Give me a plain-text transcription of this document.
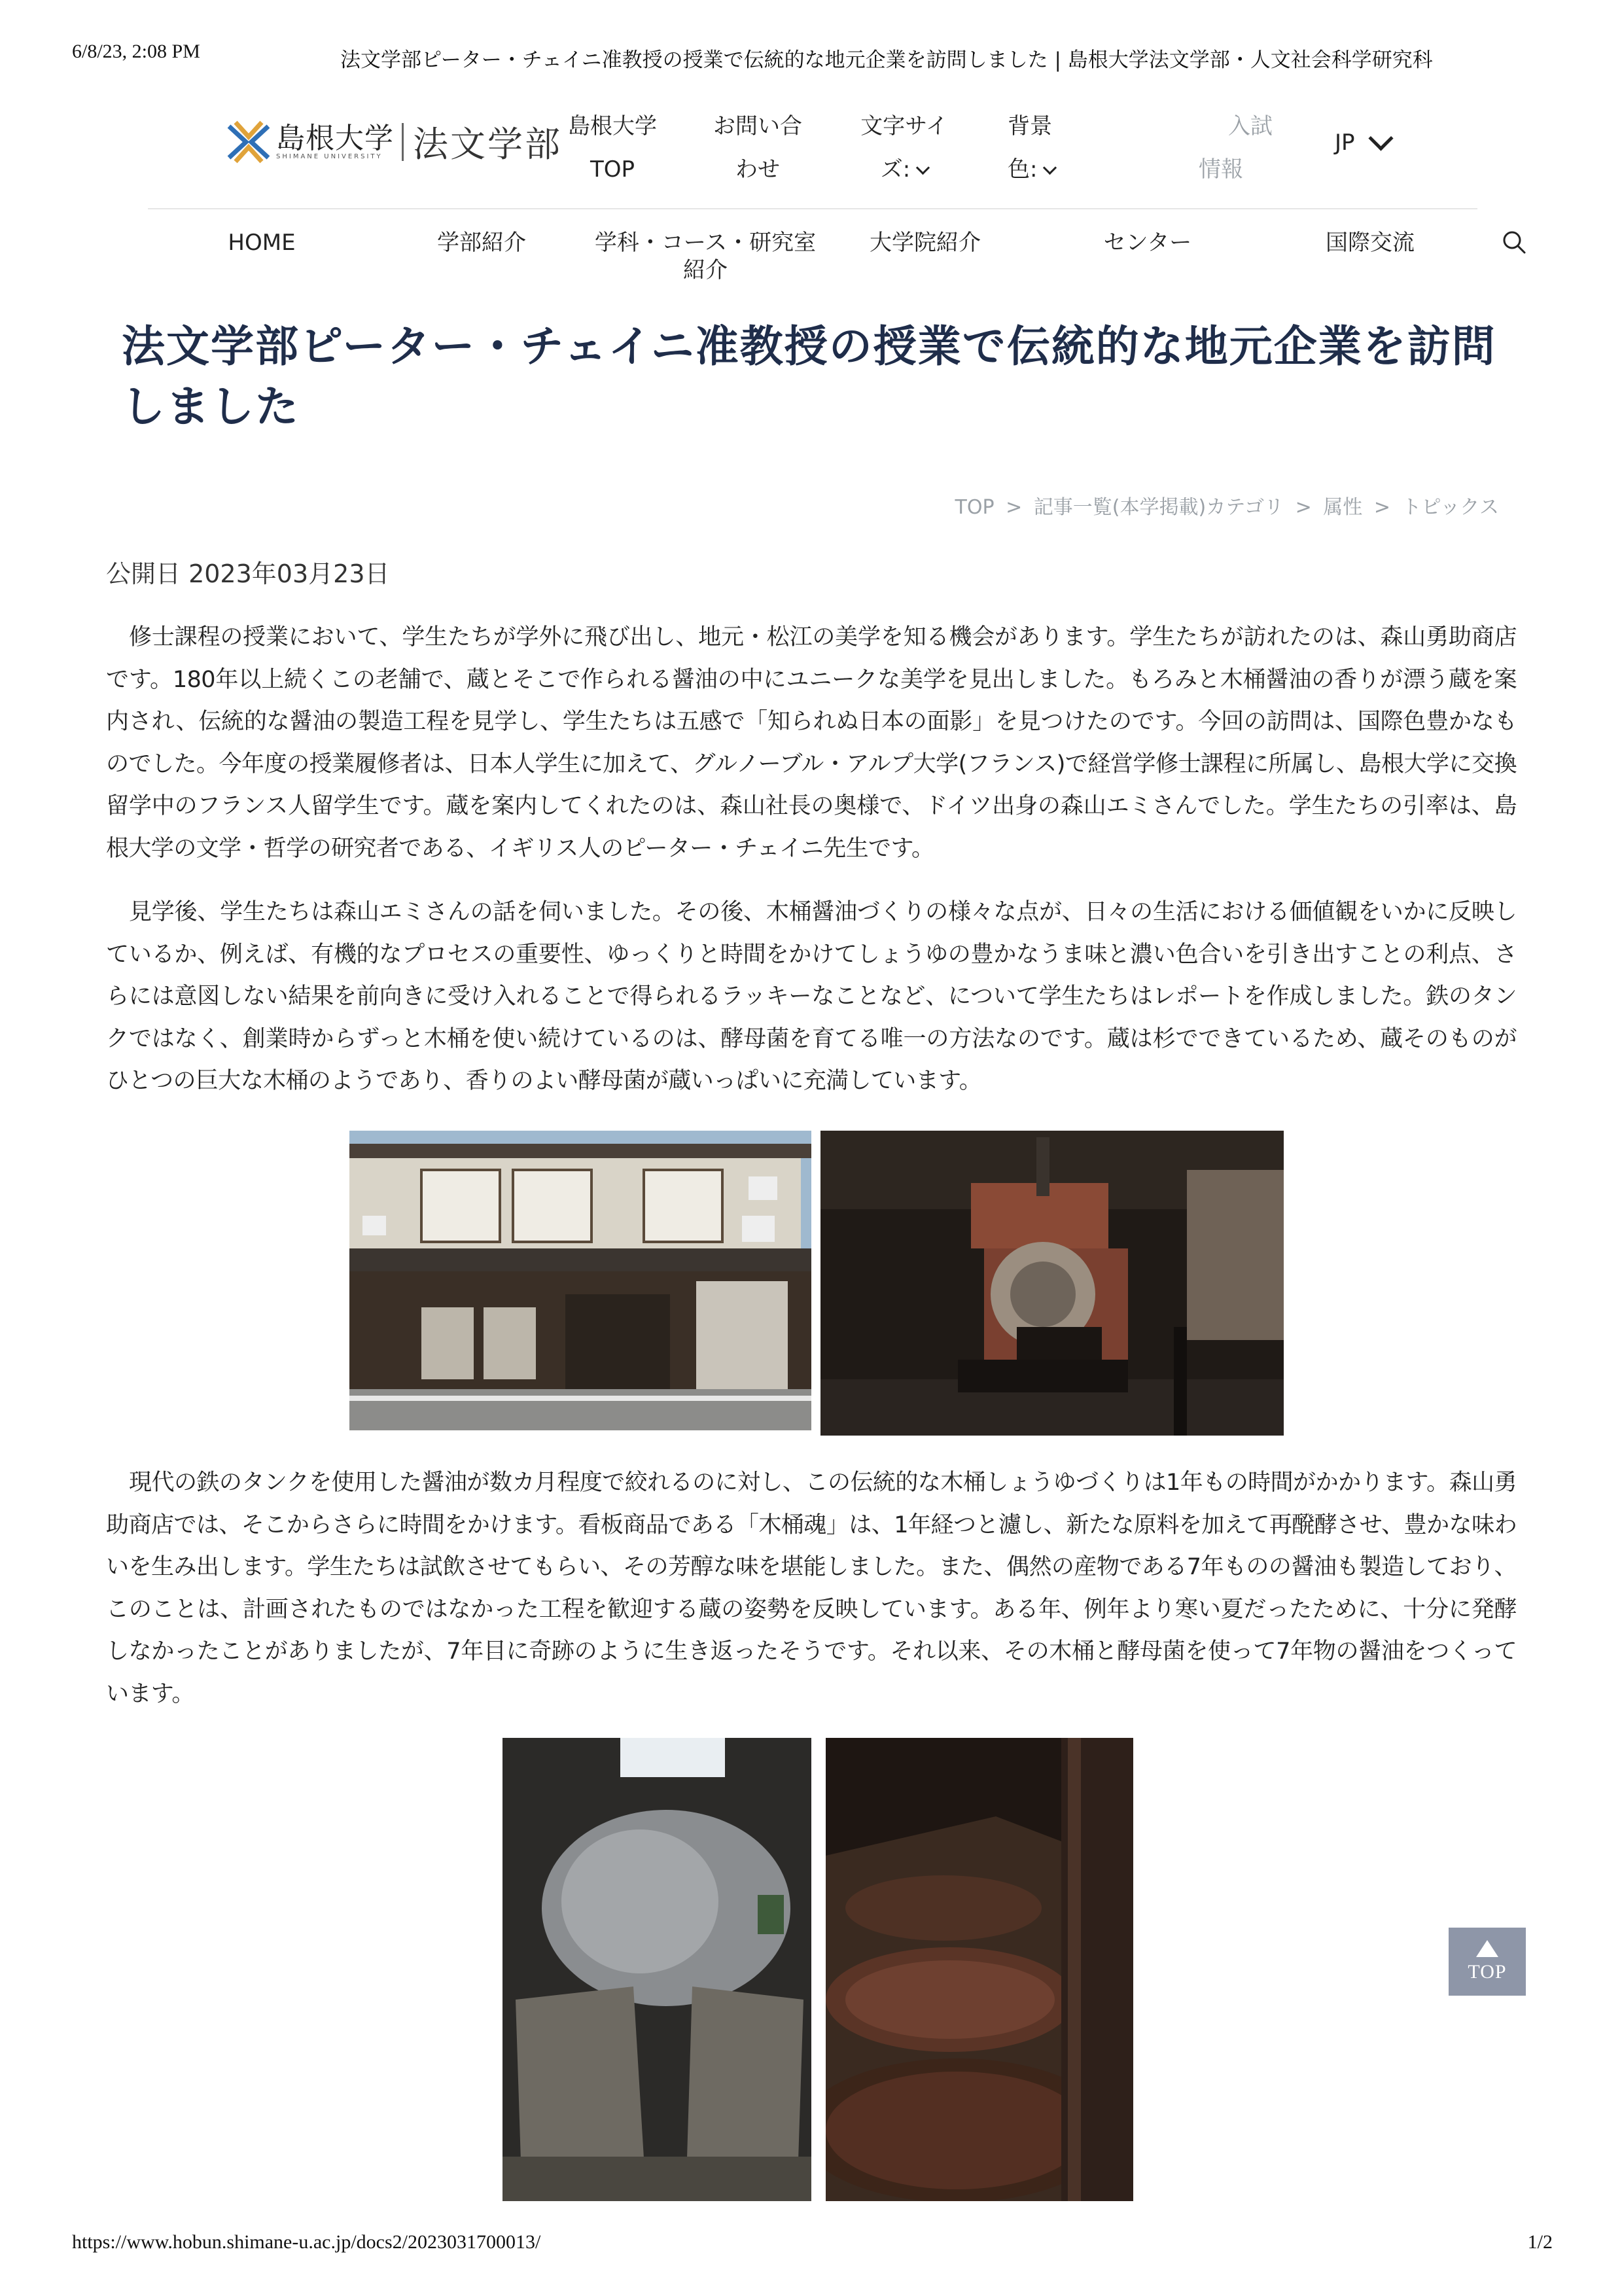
6/8/23, 2:08 PM	法文学部ピーター・チェイニ准教授の授業で伝統的な地元企業を訪問しました | 島根大学法文学部・人文社会科学研究科
https://www.hobun.shimane-u.ac.jp/docs2/2023031700013/	1/2
島根大学
SHIMANE UNIVERSITY 法文学部 島根大学
TOP
お問い合
わせ
文字サイ
ズ:
背景
色:
入試
情報
JP
HOME	学部紹介	学科・コース・研究室紹介
大学院紹介	センター	国際交流
法文学部ピーター・チェイニ准教授の授業で伝統的な地元企業を訪問しました
TOP > 記事一覧(本学掲載)カテゴリ > 属性 > トピックス
公開日 2023年03月23日

修士課程の授業において、学生たちが学外に飛び出し、地元・松江の美学を知る機会があります。学生たちが訪れたのは、森山勇助商店です。180年以上続くこの老舗で、蔵とそこで作られる醤油の中にユニークな美学を見出しました。もろみと木桶醤油の香りが漂う蔵を案内され、伝統的な醤油の製造工程を見学し、学生たちは五感で「知られぬ日本の面影」を見つけたのです。今回の訪問は、国際色豊かなものでした。今年度の授業履修者は、日本人学生に加えて、グルノーブル・アルプ大学(フランス)で経営学修士課程に所属し、島根大学に交換留学中のフランス人留学生です。蔵を案内してくれたのは、森山社長の奥様で、ドイツ出身の森山エミさんでした。学生たちの引率は、島根大学の文学・哲学の研究者である、イギリス人のピーター・チェイニ先生です。

見学後、学生たちは森山エミさんの話を伺いました。その後、木桶醤油づくりの様々な点が、日々の生活における価値観をいかに反映しているか、例えば、有機的なプロセスの重要性、ゆっくりと時間をかけてしょうゆの豊かなうま味と濃い色合いを引き出すことの利点、さらには意図しない結果を前向きに受け入れることで得られるラッキーなことなど、について学生たちはレポートを作成しました。鉄のタンクではなく、創業時からずっと木桶を使い続けているのは、酵母菌を育てる唯一の方法なのです。蔵は杉でできているため、蔵そのものがひとつの巨大な木桶のようであり、香りのよい酵母菌が蔵いっぱいに充満しています。

現代の鉄のタンクを使用した醤油が数カ月程度で絞れるのに対し、この伝統的な木桶しょうゆづくりは1年もの時間がかかります。森山勇助商店では、そこからさらに時間をかけます。看板商品である「木桶魂」は、1年経つと濾し、新たな原料を加えて再醗酵させ、豊かな味わいを生み出します。学生たちは試飲させてもらい、その芳醇な味を堪能しました。また、偶然の産物である7年ものの醤油も製造しており、このことは、計画されたものではなかった工程を歓迎する蔵の姿勢を反映しています。ある年、例年より寒い夏だったために、十分に発酵しなかったことがありましたが、7年目に奇跡のように生き返ったそうです。それ以来、その木桶と酵母菌を使って7年物の醤油をつくっています。

TOP
